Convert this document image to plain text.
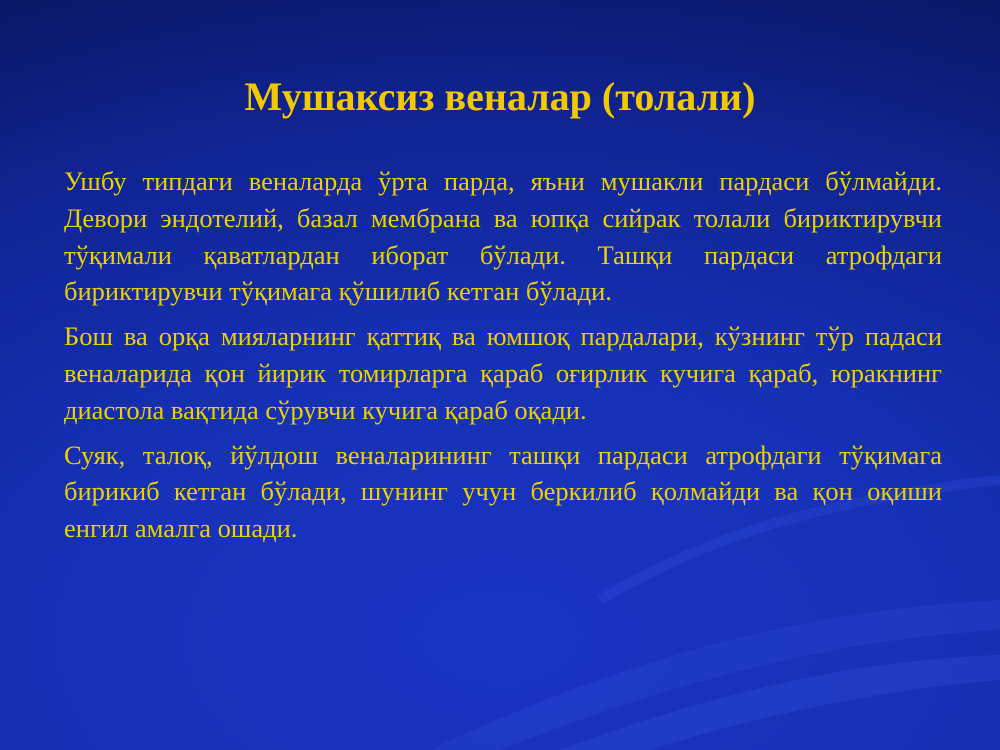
Мушаксиз веналар (толали)

Ушбу типдаги веналарда ўрта парда, яъни мушакли пардаси бўлмайди. Девори эндотелий, базал мембрана ва юпқа сийрак толали бириктирувчи тўқимали қаватлардан иборат бўлади. Ташқи пардаси атрофдаги бириктирувчи тўқимага қўшилиб кетган бўлади.

Бош ва орқа мияларнинг қаттиқ ва юмшоқ пардалари, кўзнинг тўр падаси веналарида қон йирик томирларга қараб оғирлик кучига қараб, юракнинг диастола вақтида сўрувчи кучига қараб оқади.

Суяк, талоқ, йўлдош веналарининг ташқи пардаси атрофдаги тўқимага бирикиб кетган бўлади, шунинг учун беркилиб қолмайди ва қон оқиши енгил амалга ошади.
